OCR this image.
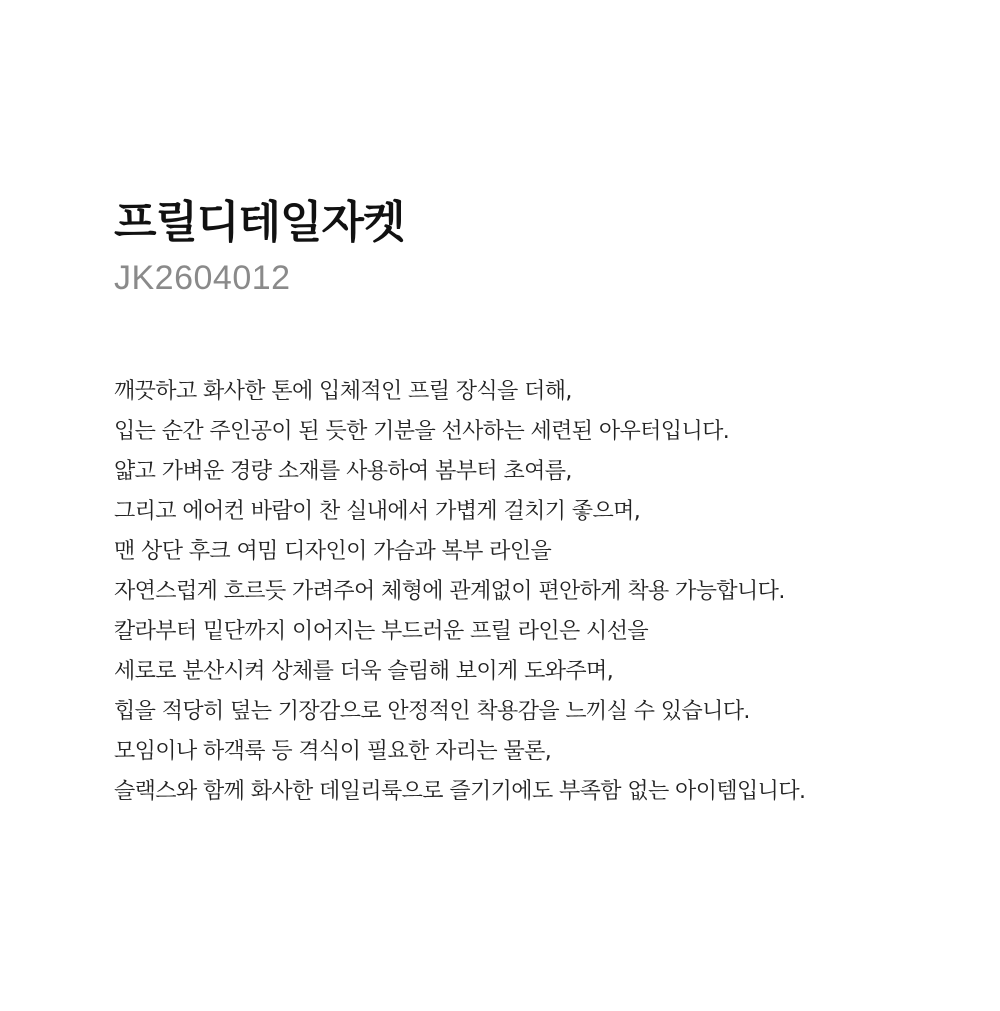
프릴디테일자켓

JK2604012

깨끗하고 화사한 톤에 입체적인 프릴 장식을 더해,
입는 순간 주인공이 된 듯한 기분을 선사하는 세련된 아우터입니다.
얇고 가벼운 경량 소재를 사용하여 봄부터 초여름,
그리고 에어컨 바람이 찬 실내에서 가볍게 걸치기 좋으며,
맨 상단 후크 여밈 디자인이 가슴과 복부 라인을
자연스럽게 흐르듯 가려주어 체형에 관계없이 편안하게 착용 가능합니다.
칼라부터 밑단까지 이어지는 부드러운 프릴 라인은 시선을
세로로 분산시켜 상체를 더욱 슬림해 보이게 도와주며,
힙을 적당히 덮는 기장감으로 안정적인 착용감을 느끼실 수 있습니다.
모임이나 하객룩 등 격식이 필요한 자리는 물론,
슬랙스와 함께 화사한 데일리룩으로 즐기기에도 부족함 없는 아이템입니다.
